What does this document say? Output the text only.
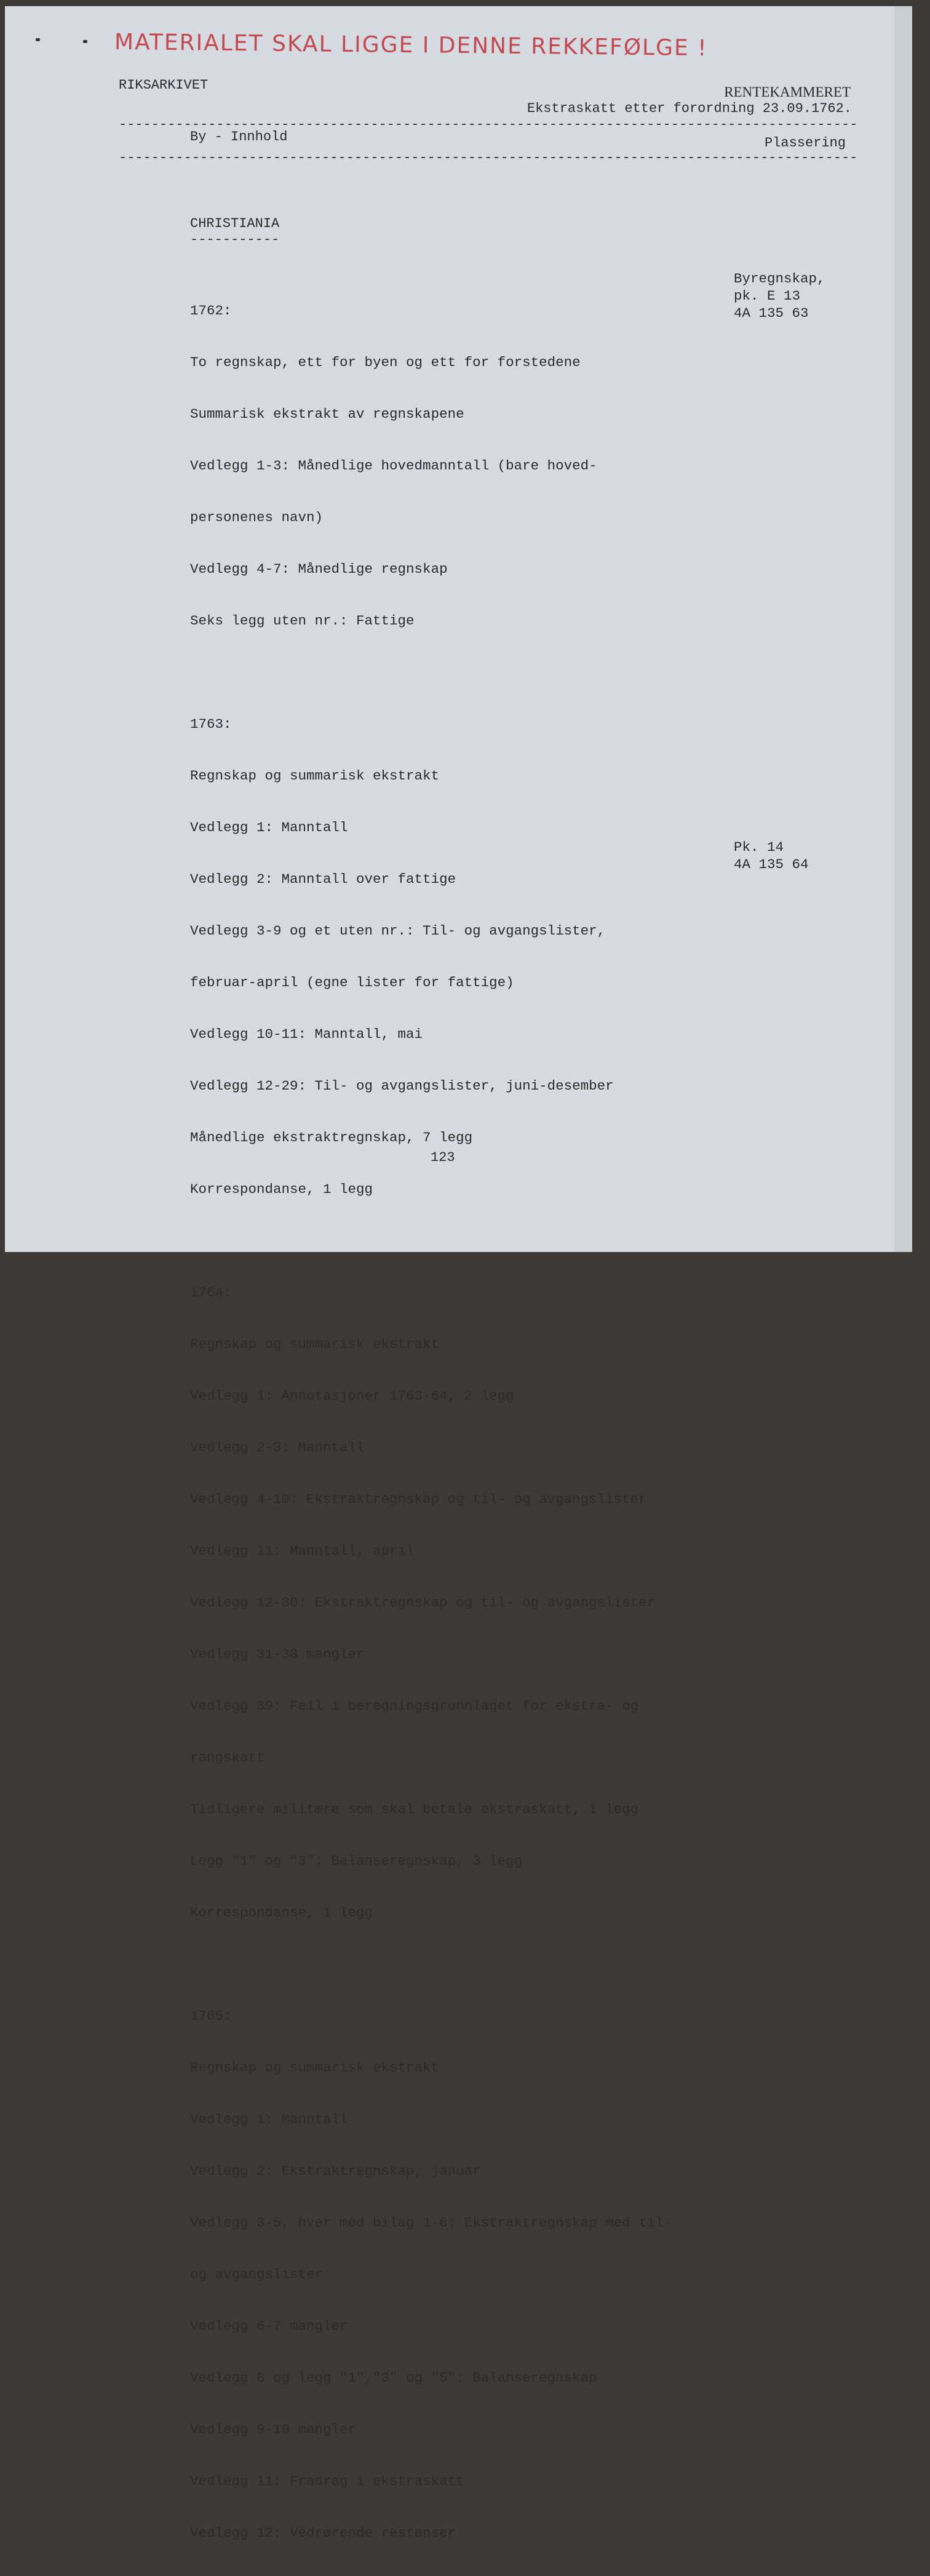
MATERIALET SKAL LIGGE I DENNE REKKEFØLGE !
RIKSARKIVET	RENTEKAMMERET
Ekstraskatt etter forordning 23.09.1762.
-------------------------------------------------------------------------------------------
By - Innhold	Plassering
-------------------------------------------------------------------------------------------
CHRISTIANIA
-----------

1762:

To regnskap, ett for byen og ett for forstedene

Summarisk ekstrakt av regnskapene

Vedlegg 1-3: Månedlige hovedmanntall (bare hoved-

personenes navn)

Vedlegg 4-7: Månedlige regnskap

Seks legg uten nr.: Fattige

1763:

Regnskap og summarisk ekstrakt

Vedlegg 1: Manntall

Vedlegg 2: Manntall over fattige

Vedlegg 3-9 og et uten nr.: Til- og avgangslister,

februar-april (egne lister for fattige)

Vedlegg 10-11: Manntall, mai

Vedlegg 12-29: Til- og avgangslister, juni-desember

Månedlige ekstraktregnskap, 7 legg

Korrespondanse, 1 legg

1764:

Regnskap og summarisk ekstrakt

Vedlegg 1: Annotasjoner 1763-64, 2 legg

Vedlegg 2-3: Manntall

Vedlegg 4-10: Ekstraktregnskap og til- og avgangslister

Vedlegg 11: Manntall, april

Vedlegg 12-30: Ekstraktregnskap og til- og avgangslister

Vedlegg 31-38 mangler

Vedlegg 39: Feil i beregningsgrunnlaget for ekstra- og

rangskatt

Tidligere militære som skal betale ekstraskatt, 1 legg

Legg "1" og "3": Balanseregnskap, 3 legg

Korrespondanse, 1 legg

1765:

Regnskap og summarisk ekstrakt

Vedlegg 1: Manntall

Vedlegg 2: Ekstraktregnskap, januar

Vedlegg 3-5, hver med bilag 1-6: Ekstraktregnskap med til-

og avgangslister

Vedlegg 6-7 mangler

Vedlegg 8 og legg "1","3" og "5": Balanseregnskap

Vedlegg 9-10 mangler

Vedlegg 11: Fradrag i ekstraskatt

Vedlegg 12: Vedrørende restanser

Byregnskap,
pk. E 13
4A 135 63
Pk. 14
4A 135 64
123
